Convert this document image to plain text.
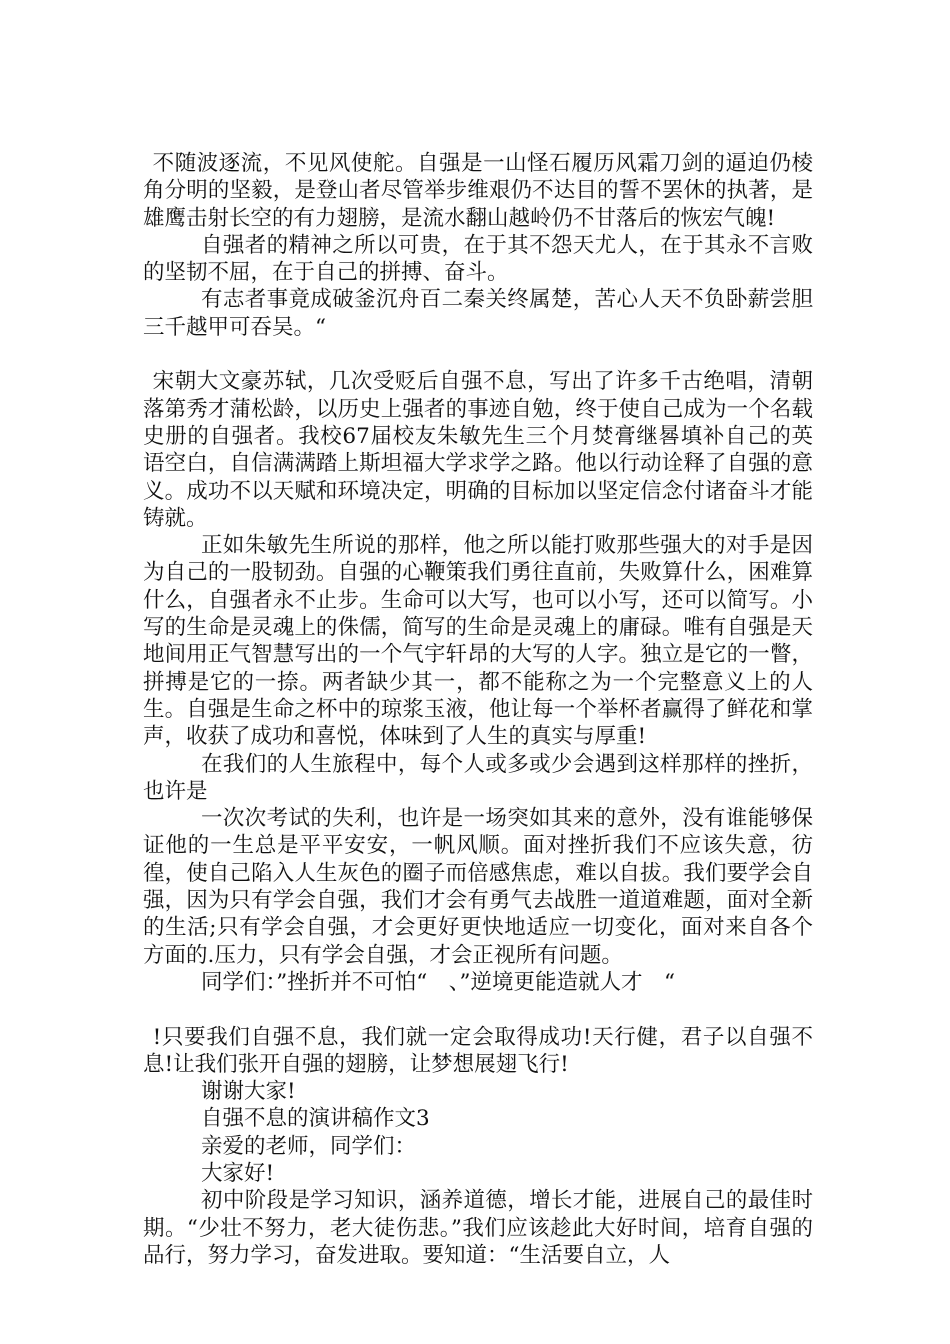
不随波逐流，不见风使舵。自强是一山怪石履历风霜刀剑的逼迫仍棱角分明的坚毅，是登山者尽管举步维艰仍不达目的誓不罢休的执著，是雄鹰击射长空的有力翅膀，是流水翻山越岭仍不甘落后的恢宏气魄!

自强者的精神之所以可贵，在于其不怨天尤人，在于其永不言败的坚韧不屈，在于自己的拼搏、奋斗。

有志者事竟成破釜沉舟百二秦关终属楚，苦心人天不负卧薪尝胆三千越甲可吞吴。“

宋朝大文豪苏轼，几次受贬后自强不息，写出了许多千古绝唱，清朝落第秀才蒲松龄，以历史上强者的事迹自勉，终于使自己成为一个名载史册的自强者。我校67届校友朱敏先生三个月焚膏继晷填补自己的英语空白，自信满满踏上斯坦福大学求学之路。他以行动诠释了自强的意义。成功不以天赋和环境决定，明确的目标加以坚定信念付诸奋斗才能铸就。

正如朱敏先生所说的那样，他之所以能打败那些强大的对手是因为自己的一股韧劲。自强的心鞭策我们勇往直前，失败算什么，困难算什么，自强者永不止步。生命可以大写，也可以小写，还可以简写。小写的生命是灵魂上的侏儒，简写的生命是灵魂上的庸碌。唯有自强是天地间用正气智慧写出的一个气宇轩昂的大写的人字。独立是它的一瞥，拼搏是它的一捺。两者缺少其一，都不能称之为一个完整意义上的人生。自强是生命之杯中的琼浆玉液，他让每一个举杯者赢得了鲜花和掌声，收获了成功和喜悦，体味到了人生的真实与厚重!

在我们的人生旅程中，每个人或多或少会遇到这样那样的挫折，也许是

一次次考试的失利，也许是一场突如其来的意外，没有谁能够保证他的一生总是平平安安，一帆风顺。面对挫折我们不应该失意，彷徨，使自己陷入人生灰色的圈子而倍感焦虑，难以自拔。我们要学会自强，因为只有学会自强，我们才会有勇气去战胜一道道难题，面对全新的生活;只有学会自强，才会更好更快地适应一切变化，面对来自各个方面的.压力，只有学会自强，才会正视所有问题。

同学们：”挫折并不可怕“　、”逆境更能造就人才　“

!只要我们自强不息，我们就一定会取得成功!天行健，君子以自强不息!让我们张开自强的翅膀，让梦想展翅飞行!

谢谢大家!

自强不息的演讲稿作文3

亲爱的老师，同学们：

大家好!

初中阶段是学习知识，涵养道德，增长才能，进展自己的最佳时期。“少壮不努力，老大徒伤悲。”我们应该趁此大好时间，培育自强的品行，努力学习，奋发进取。要知道：“生活要自立，人
